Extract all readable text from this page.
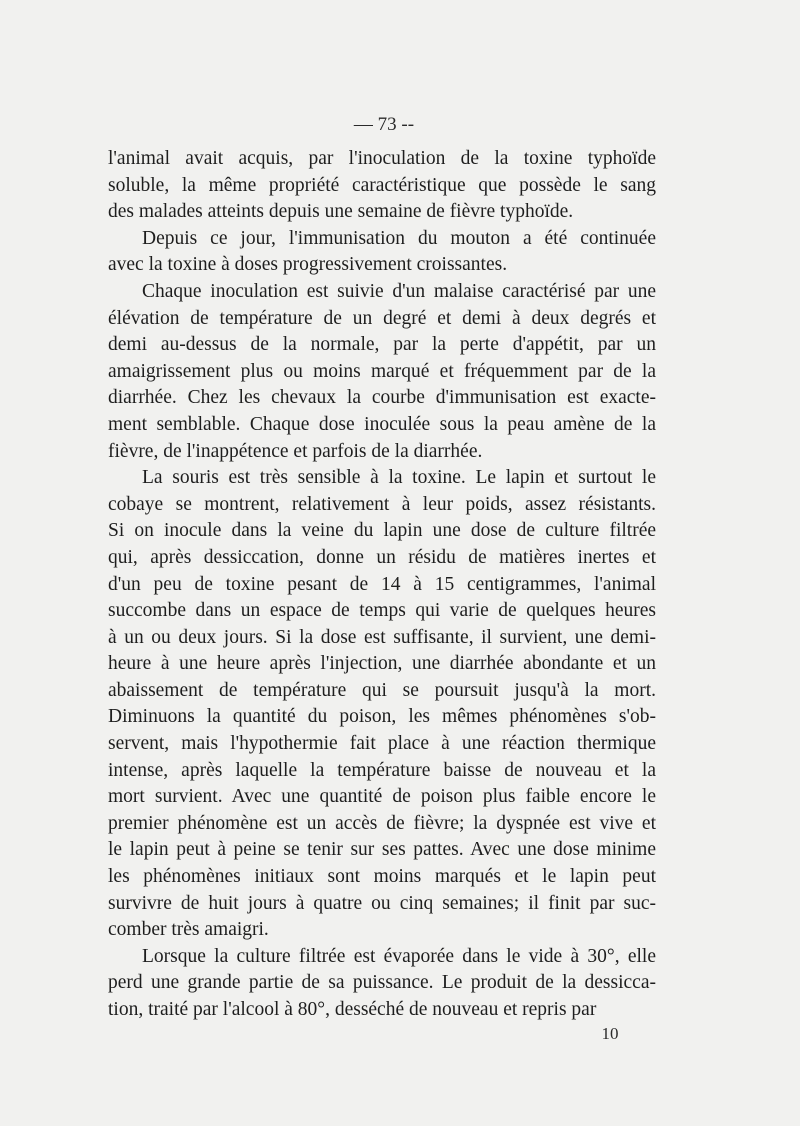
— 73 --

l'animal avait acquis, par l'inoculation de la toxine typhoïde
soluble, la même propriété caractéristique que possède le sang
des malades atteints depuis une semaine de fièvre typhoïde.

Depuis ce jour, l'immunisation du mouton a été continuée
avec la toxine à doses progressivement croissantes.

Chaque inoculation est suivie d'un malaise caractérisé par une
élévation de température de un degré et demi à deux degrés et
demi au-dessus de la normale, par la perte d'appétit, par un
amaigrissement plus ou moins marqué et fréquemment par de la
diarrhée. Chez les chevaux la courbe d'immunisation est exacte-
ment semblable. Chaque dose inoculée sous la peau amène de la
fièvre, de l'inappétence et parfois de la diarrhée.

La souris est très sensible à la toxine. Le lapin et surtout le
cobaye se montrent, relativement à leur poids, assez résistants.
Si on inocule dans la veine du lapin une dose de culture filtrée
qui, après dessiccation, donne un résidu de matières inertes et
d'un peu de toxine pesant de 14 à 15 centigrammes, l'animal
succombe dans un espace de temps qui varie de quelques heures
à un ou deux jours. Si la dose est suffisante, il survient, une demi-
heure à une heure après l'injection, une diarrhée abondante et un
abaissement de température qui se poursuit jusqu'à la mort.
Diminuons la quantité du poison, les mêmes phénomènes s'ob-
servent, mais l'hypothermie fait place à une réaction thermique
intense, après laquelle la température baisse de nouveau et la
mort survient. Avec une quantité de poison plus faible encore le
premier phénomène est un accès de fièvre; la dyspnée est vive et
le lapin peut à peine se tenir sur ses pattes. Avec une dose minime
les phénomènes initiaux sont moins marqués et le lapin peut
survivre de huit jours à quatre ou cinq semaines; il finit par suc-
comber très amaigri.

Lorsque la culture filtrée est évaporée dans le vide à 30°, elle
perd une grande partie de sa puissance. Le produit de la dessicca-
tion, traité par l'alcool à 80°, desséché de nouveau et repris par

10
